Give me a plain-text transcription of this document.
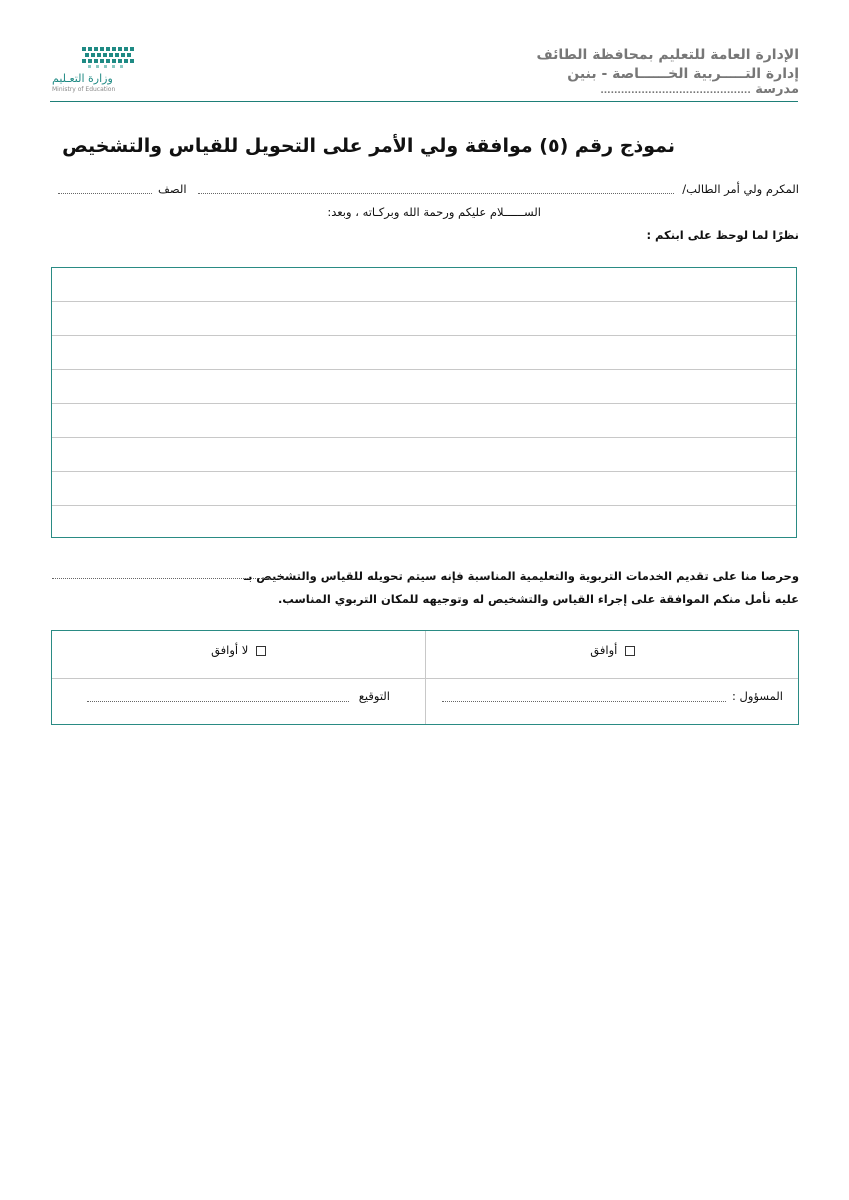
الإدارة العامة للتعليم بمحافظة الطائف
إدارة التـــــربية الخــــــاصة - بنين
مدرسة ............................................
وزارة التعـليم
Ministry of Education
نموذج رقم (٥) موافقة ولي الأمر على التحويل للقياس والتشخيص
المكرم ولي أمر الطالب/
الصف
الســــــلام عليكم ورحمة الله وبركـاته ، وبعد:
نظرًا لما لوحظ على ابنكم :
وحرصا منا على تقديم الخدمات التربوية والتعليمية المناسبة فإنه سيتم تحويله للقياس والتشخيص بـ
عليه نأمل منكم الموافقة على إجراء القياس والتشخيص له وتوجيهه للمكان التربوي المناسب.
أوافق
لا أوافق
المسؤول :
التوقيع
